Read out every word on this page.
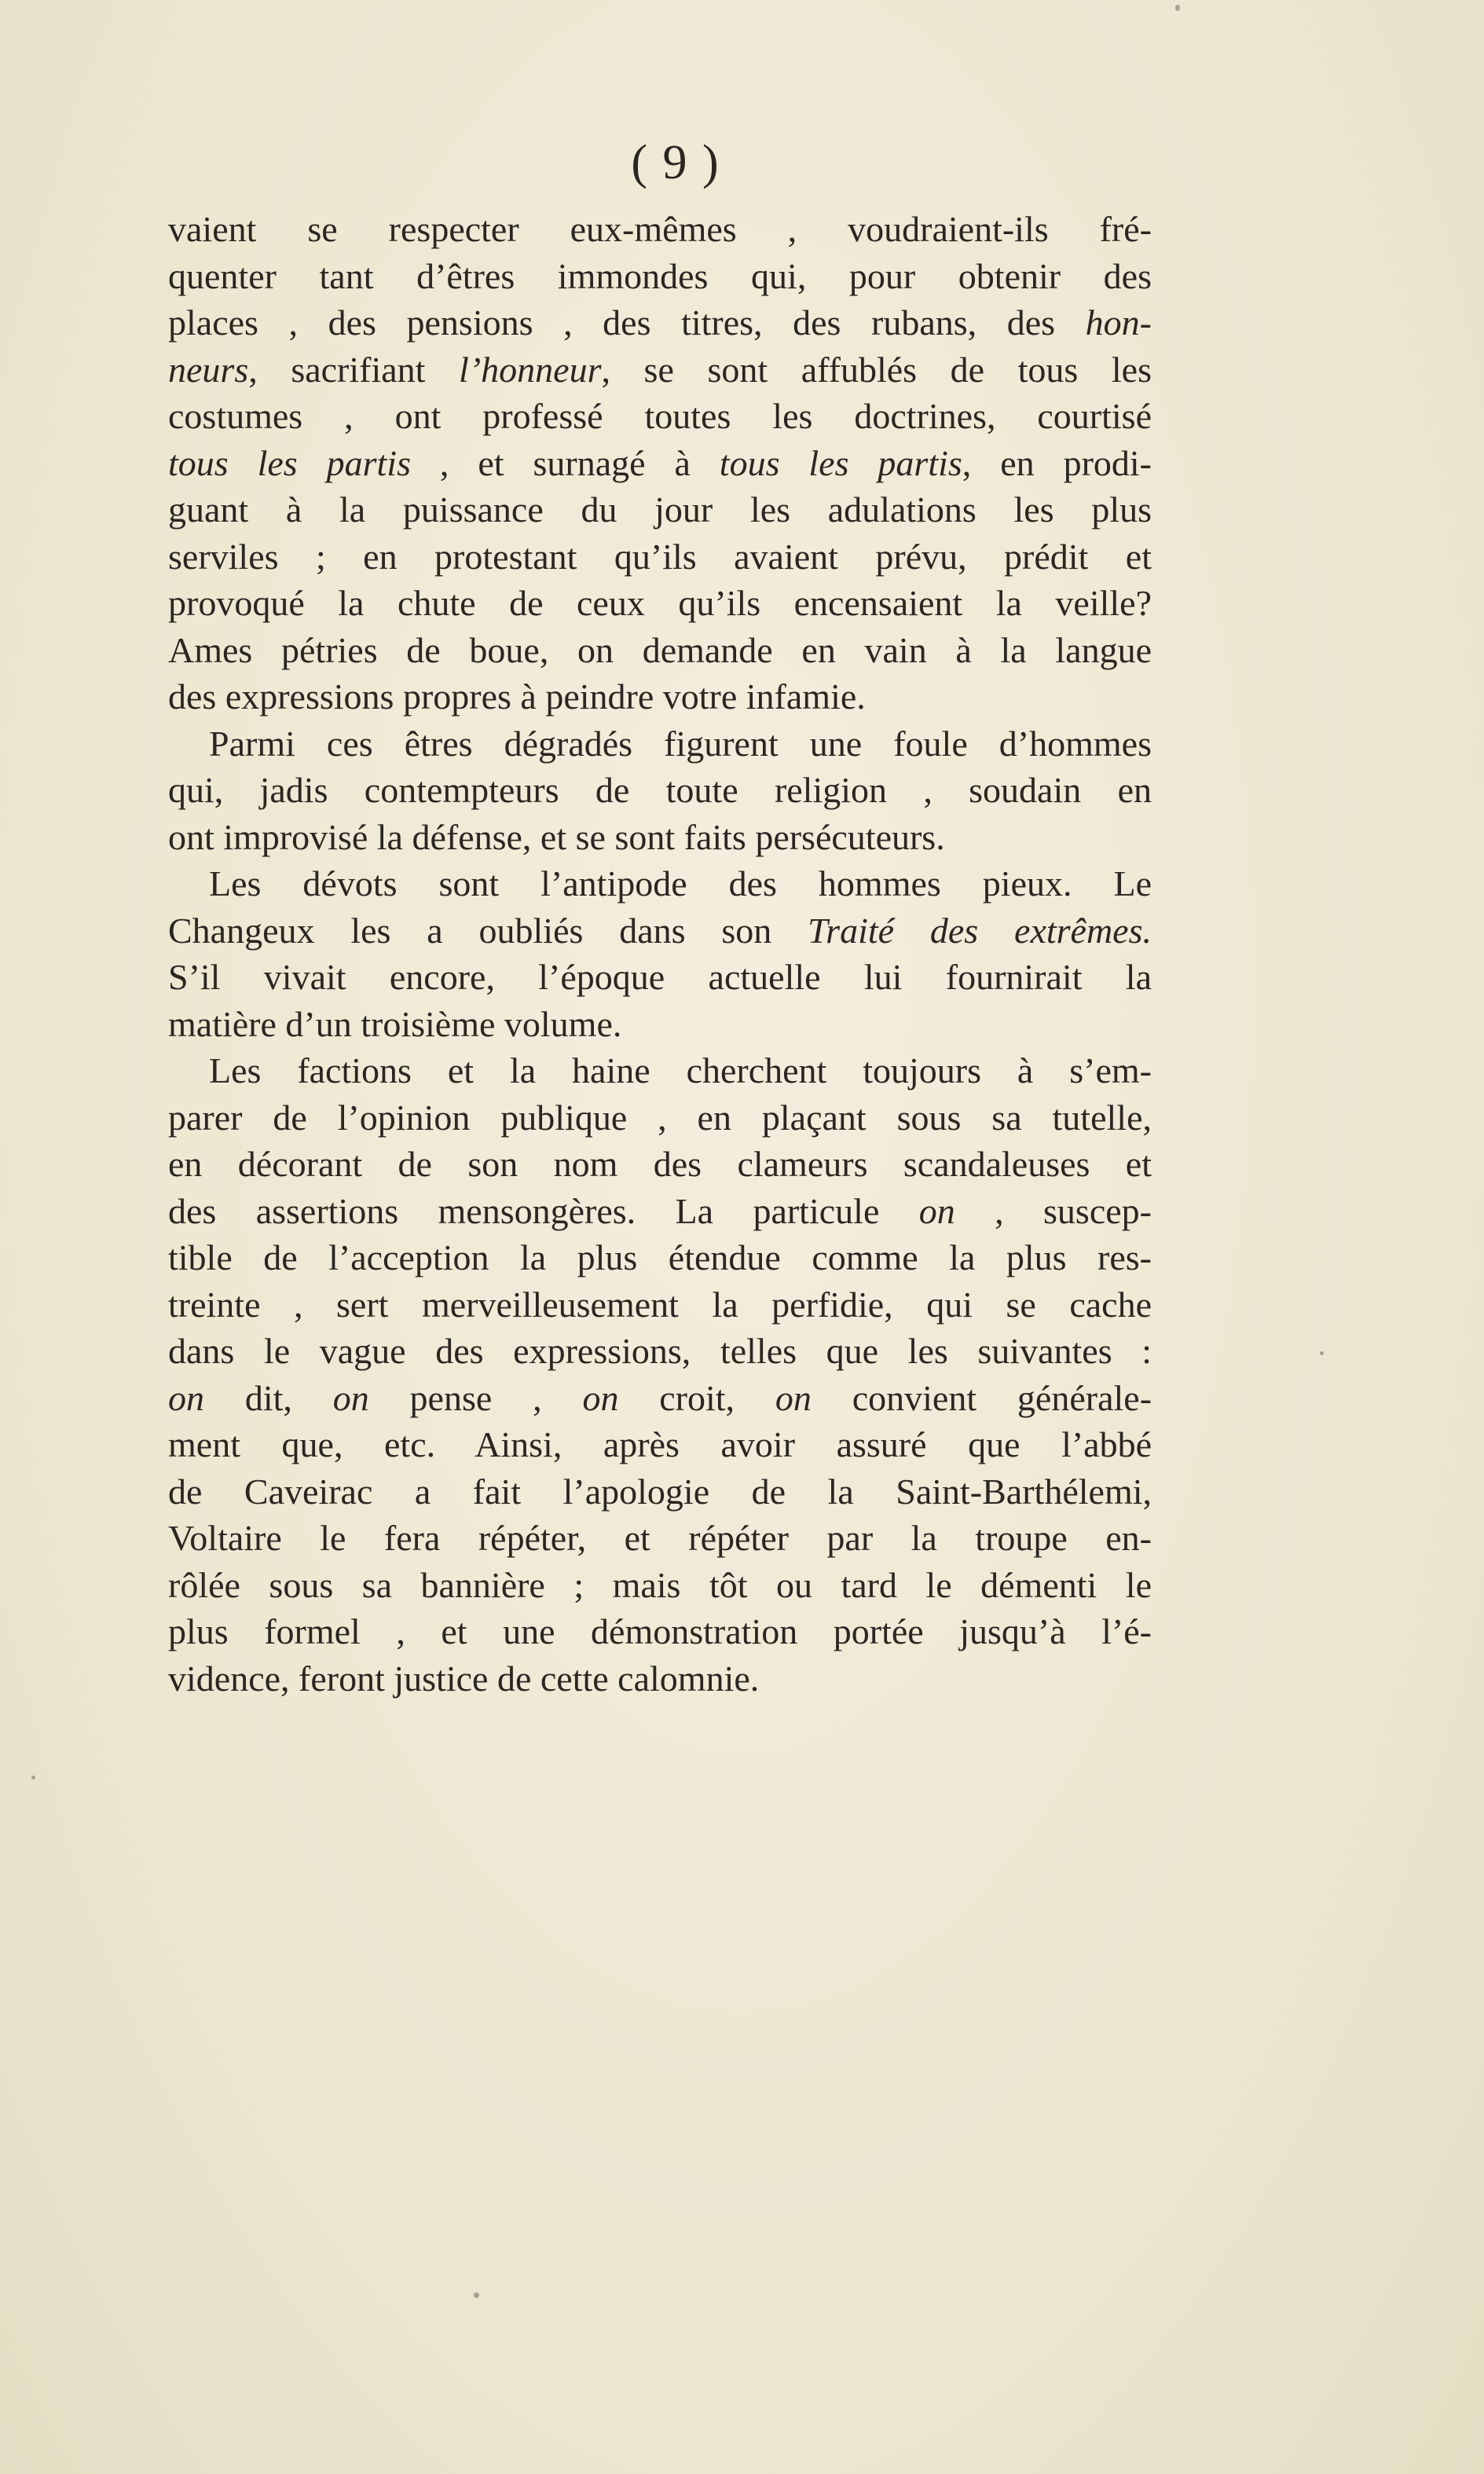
( 9 )
vaient se respecter eux-mêmes , voudraient-ils fré-
quenter tant d’êtres immondes qui, pour obtenir des
places , des pensions , des titres, des rubans, des hon-
neurs, sacrifiant l’honneur, se sont affublés de tous les
costumes , ont professé toutes les doctrines, courtisé
tous les partis , et surnagé à tous les partis, en prodi-
guant à la puissance du jour les adulations les plus
serviles ; en protestant qu’ils avaient prévu, prédit et
provoqué la chute de ceux qu’ils encensaient la veille?
Ames pétries de boue, on demande en vain à la langue
des expressions propres à peindre votre infamie.
Parmi ces êtres dégradés figurent une foule d’hommes
qui, jadis contempteurs de toute religion , soudain en
ont improvisé la défense, et se sont faits persécuteurs.
Les dévots sont l’antipode des hommes pieux. Le
Changeux les a oubliés dans son Traité des extrêmes.
S’il vivait encore, l’époque actuelle lui fournirait la
matière d’un troisième volume.
Les factions et la haine cherchent toujours à s’em-
parer de l’opinion publique , en plaçant sous sa tutelle,
en décorant de son nom des clameurs scandaleuses et
des assertions mensongères. La particule on , suscep-
tible de l’acception la plus étendue comme la plus res-
treinte , sert merveilleusement la perfidie, qui se cache
dans le vague des expressions, telles que les suivantes :
on dit, on pense , on croit, on convient générale-
ment que, etc. Ainsi, après avoir assuré que l’abbé
de Caveirac a fait l’apologie de la Saint-Barthélemi,
Voltaire le fera répéter, et répéter par la troupe en-
rôlée sous sa bannière ; mais tôt ou tard le démenti le
plus formel , et une démonstration portée jusqu’à l’é-
vidence, feront justice de cette calomnie.
